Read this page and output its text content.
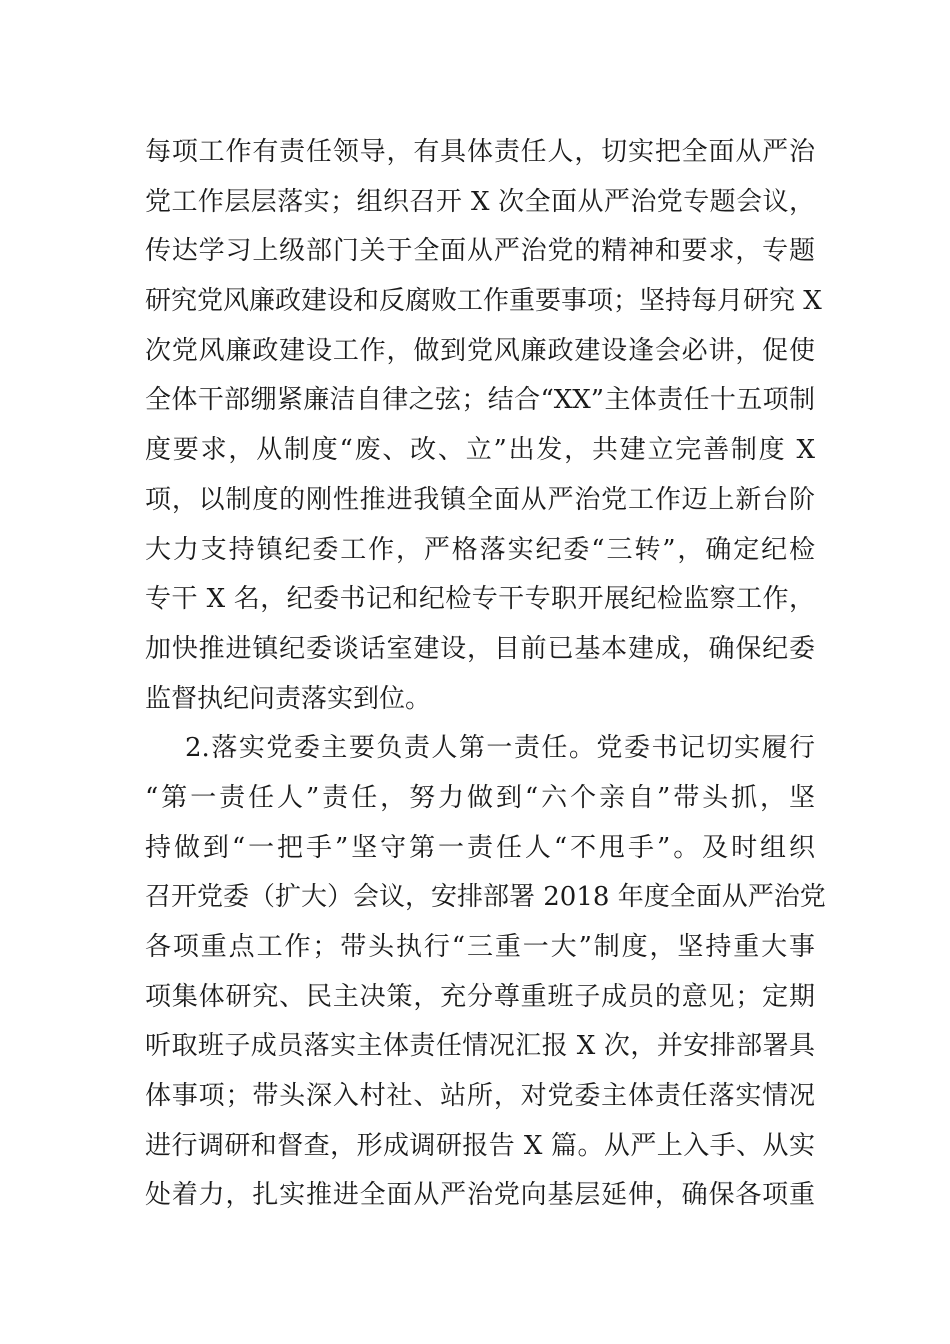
每项工作有责任领导，有具体责任人，切实把全面从严治
党工作层层落实；组织召开 X 次全面从严治党专题会议，
传达学习上级部门关于全面从严治党的精神和要求，专题
研究党风廉政建设和反腐败工作重要事项；坚持每月研究 X
次党风廉政建设工作，做到党风廉政建设逢会必讲，促使
全体干部绷紧廉洁自律之弦；结合“XX”主体责任十五项制
度要求，从制度“废、改、立”出发，共建立完善制度 X
项，以制度的刚性推进我镇全面从严治党工作迈上新台阶
大力支持镇纪委工作，严格落实纪委“三转”，确定纪检
专干 X 名，纪委书记和纪检专干专职开展纪检监察工作，
加快推进镇纪委谈话室建设，目前已基本建成，确保纪委
监督执纪问责落实到位。
2.落实党委主要负责人第一责任。党委书记切实履行
“第一责任人”责任，努力做到“六个亲自”带头抓，坚
持做到“一把手”坚守第一责任人“不甩手”。及时组织
召开党委（扩大）会议，安排部署 2018 年度全面从严治党
各项重点工作；带头执行“三重一大”制度，坚持重大事
项集体研究、民主决策，充分尊重班子成员的意见；定期
听取班子成员落实主体责任情况汇报 X 次，并安排部署具
体事项；带头深入村社、站所，对党委主体责任落实情况
进行调研和督查，形成调研报告 X 篇。从严上入手、从实
处着力，扎实推进全面从严治党向基层延伸，确保各项重
